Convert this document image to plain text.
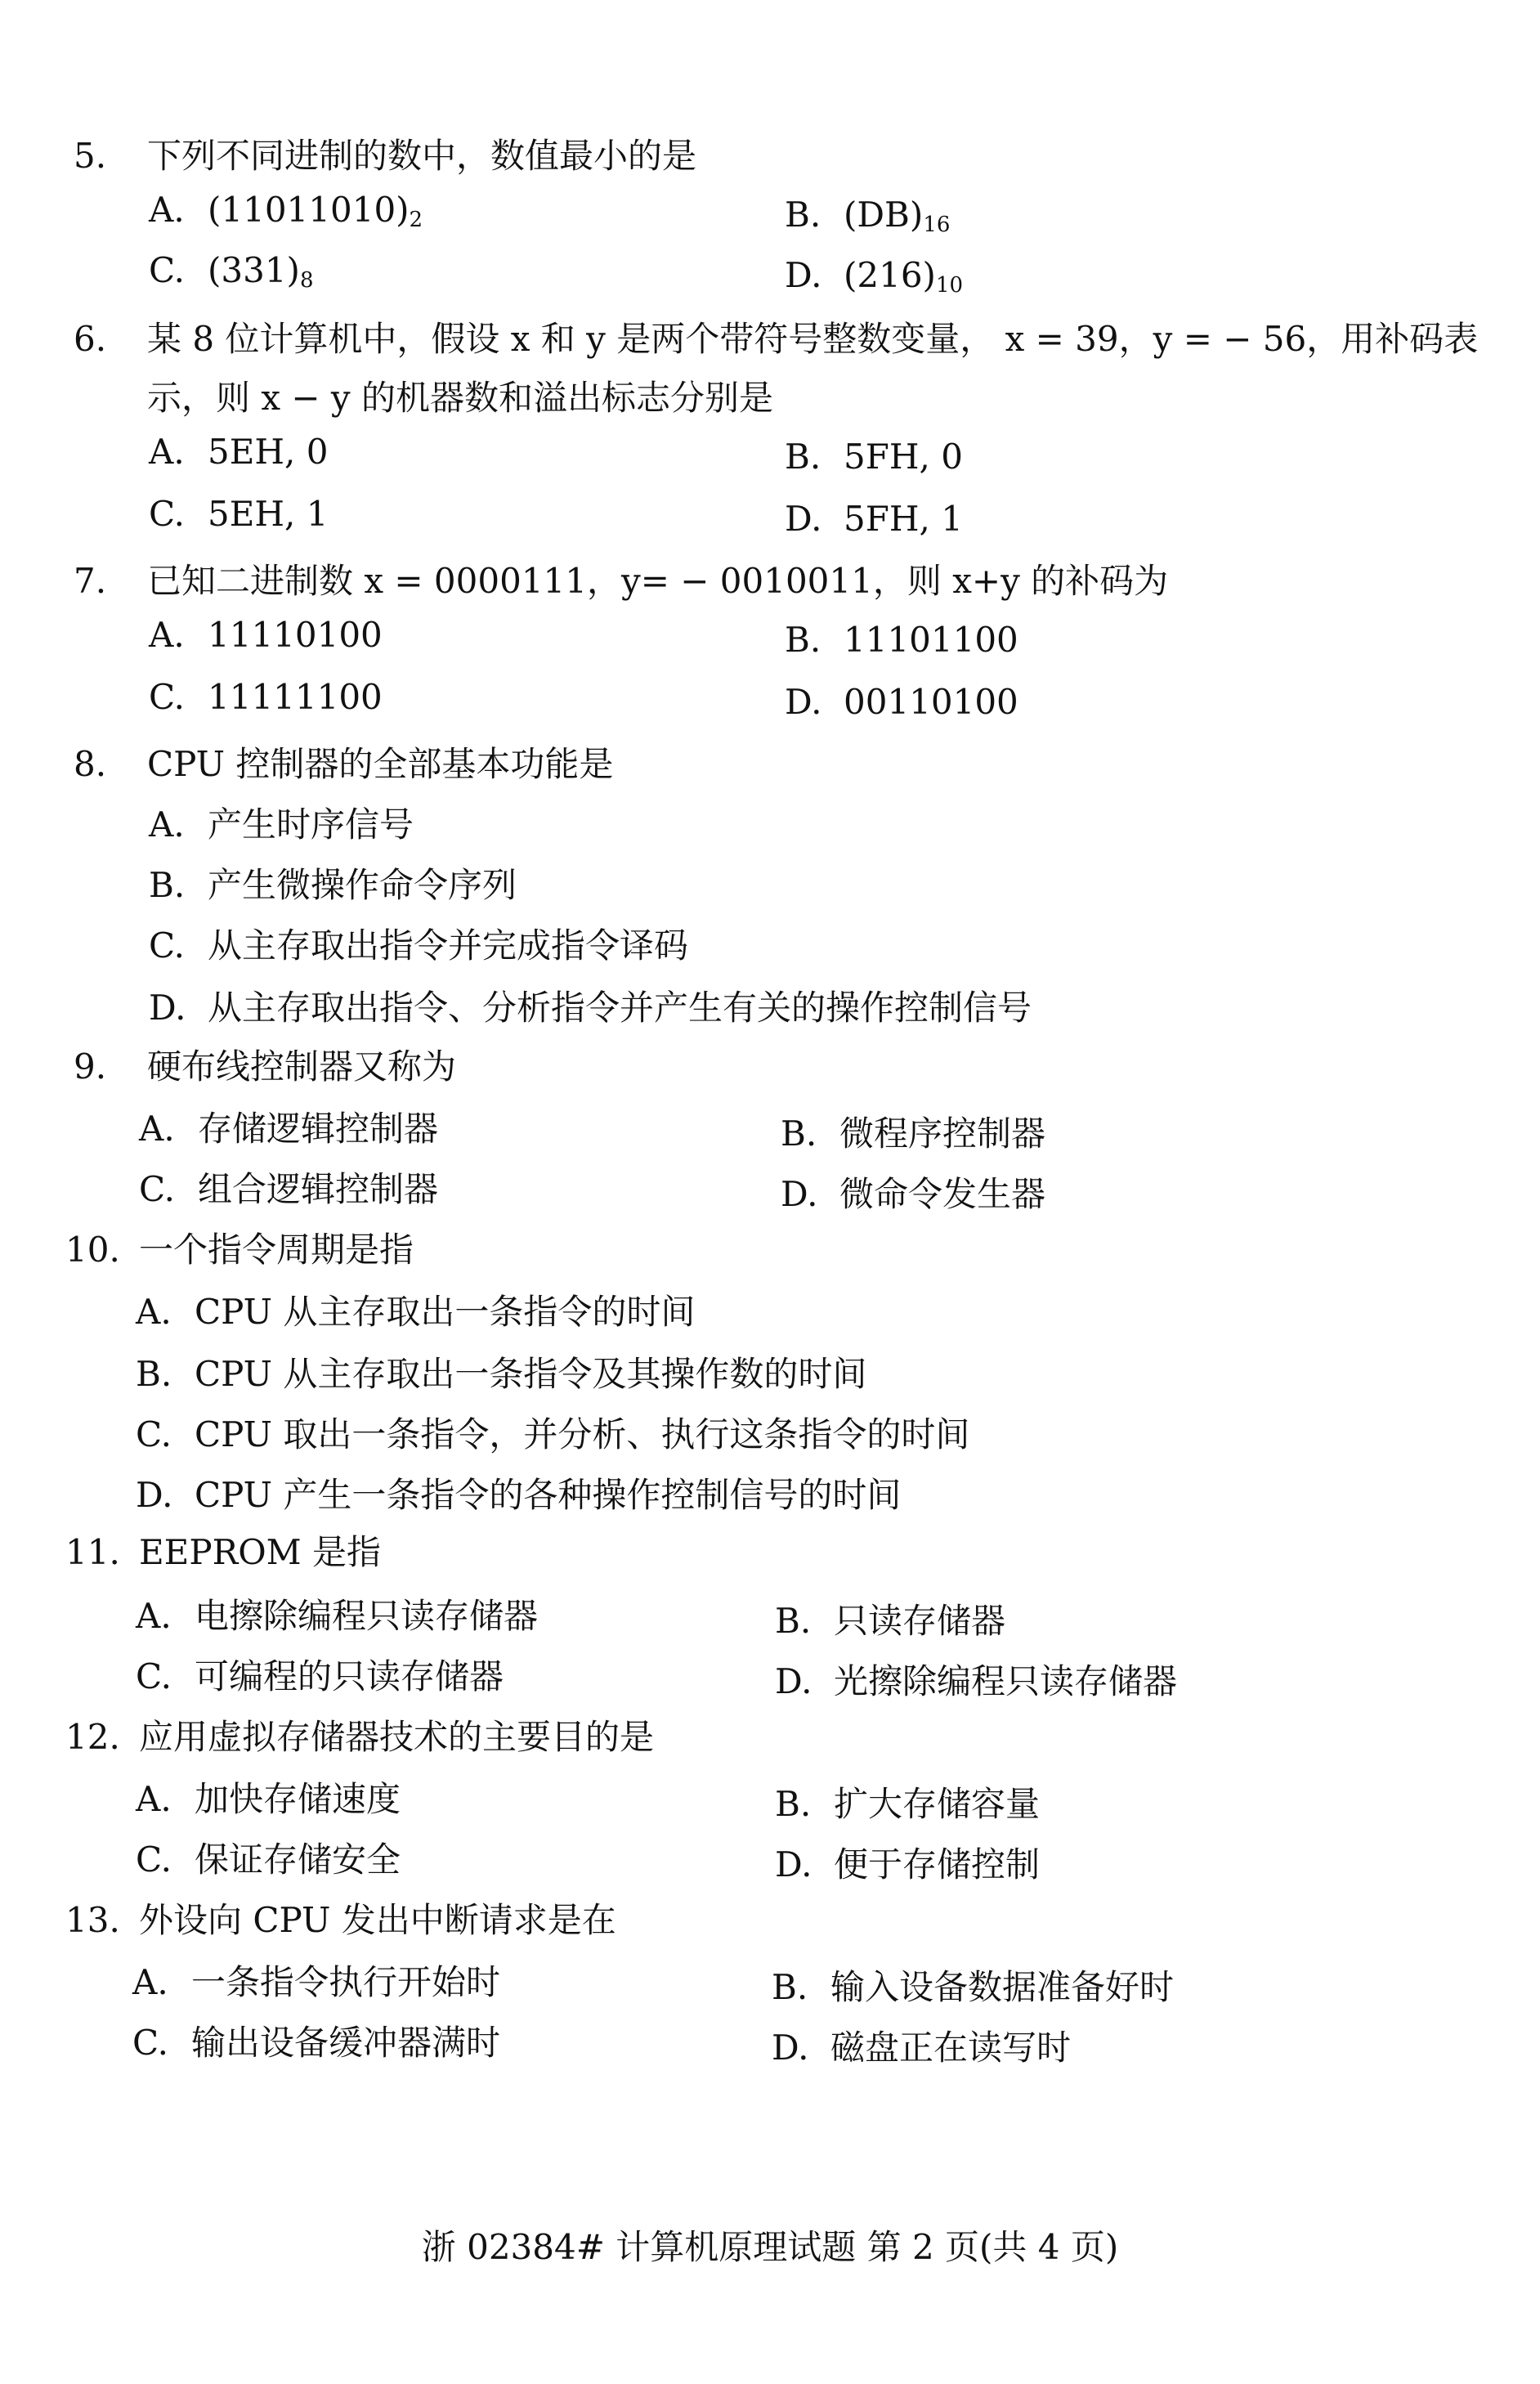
5. 下列不同进制的数中，数值最小的是
A. $(11011010)_2$	B. $(DB)_{16}$
C. $(331)_8$	D. $(216)_{10}$
6. 某 8 位计算机中，假设 x 和 y 是两个带符号整数变量， x = 39，y = − 56，用补码表
示，则 x − y 的机器数和溢出标志分别是
A. 5EH, 0	B. 5FH, 0
C. 5EH, 1	D. 5FH, 1
7. 已知二进制数 x = 0000111，y= − 0010011，则 x+y 的补码为
A. 11110100	B. 11101100
C. 11111100	D. 00110100
8. CPU 控制器的全部基本功能是
A. 产生时序信号
B. 产生微操作命令序列
C. 从主存取出指令并完成指令译码
D. 从主存取出指令、分析指令并产生有关的操作控制信号
9. 硬布线控制器又称为
A. 存储逻辑控制器	B. 微程序控制器
C. 组合逻辑控制器	D. 微命令发生器
10. 一个指令周期是指
A. CPU 从主存取出一条指令的时间
B. CPU 从主存取出一条指令及其操作数的时间
C. CPU 取出一条指令，并分析、执行这条指令的时间
D. CPU 产生一条指令的各种操作控制信号的时间
11. EEPROM 是指
A. 电擦除编程只读存储器	B. 只读存储器
C. 可编程的只读存储器	D. 光擦除编程只读存储器
12. 应用虚拟存储器技术的主要目的是
A. 加快存储速度	B. 扩大存储容量
C. 保证存储安全	D. 便于存储控制
13. 外设向 CPU 发出中断请求是在
A. 一条指令执行开始时	B. 输入设备数据准备好时
C. 输出设备缓冲器满时	D. 磁盘正在读写时
浙 02384# 计算机原理试题 第 2 页(共 4 页)
